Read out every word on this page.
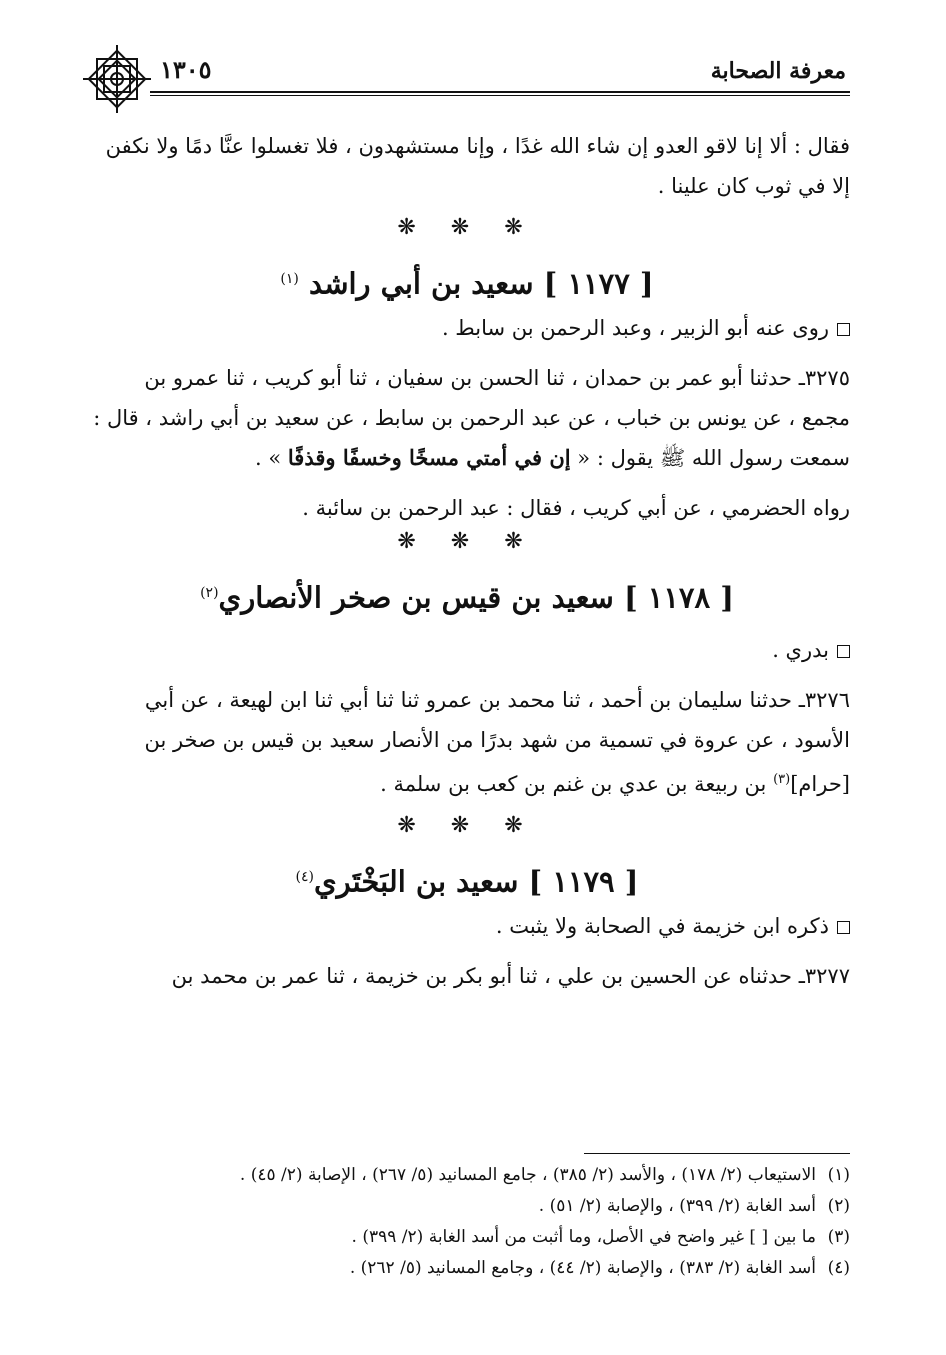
معرفة الصحابة
١٣٠٥

فقال : ألا إنا لاقو العدو إن شاء الله غدًا ، وإنا مستشهدون ، فلا تغسلوا عنَّا دمًا ولا نكفن

إلا في ثوب كان علينا .

❋ ❋ ❋
[ ١١٧٧ ] سعيد بن أبي راشد $^{(١)}$

روى عنه أبو الزبير ، وعبد الرحمن بن سابط .

٣٢٧٥ـ حدثنا أبو عمر بن حمدان ، ثنا الحسن بن سفيان ، ثنا أبو كريب ، ثنا عمرو بن

مجمع ، عن يونس بن خباب ، عن عبد الرحمن بن سابط ، عن سعيد بن أبي راشد ، قال :

سمعت رسول الله ﷺ يقول : « إن في أمتي مسخًا وخسفًا وقذفًا » .

رواه الحضرمي ، عن أبي كريب ، فقال : عبد الرحمن بن سائبة .

❋ ❋ ❋
[ ١١٧٨ ] سعيد بن قيس بن صخر الأنصاري$^{(٢)}$

بدري .

٣٢٧٦ـ حدثنا سليمان بن أحمد ، ثنا محمد بن عمرو ثنا ثنا أبي ثنا ابن لهيعة ، عن أبي

الأسود ، عن عروة في تسمية من شهد بدرًا من الأنصار سعيد بن قيس بن صخر بن

[حرام]$^{(٣)}$ بن ربيعة بن عدي بن غنم بن كعب بن سلمة .

❋ ❋ ❋
[ ١١٧٩ ] سعيد بن البَخْتَري$^{(٤)}$

ذكره ابن خزيمة في الصحابة ولا يثبت .

٣٢٧٧ـ حدثناه عن الحسين بن علي ، ثنا أبو بكر بن خزيمة ، ثنا عمر بن محمد بن

(١)الاستيعاب (٢/ ١٧٨) ، والأسد (٢/ ٣٨٥) ، جامع المسانيد (٥/ ٢٦٧) ، الإصابة (٢/ ٤٥) .

(٢)أسد الغابة (٢/ ٣٩٩) ، والإصابة (٢/ ٥١) .

(٣)ما بين [ ] غير واضح في الأصل، وما أثبت من أسد الغابة (٢/ ٣٩٩) .

(٤)أسد الغابة (٢/ ٣٨٣) ، والإصابة (٢/ ٤٤) ، وجامع المسانيد (٥/ ٢٦٢) .
